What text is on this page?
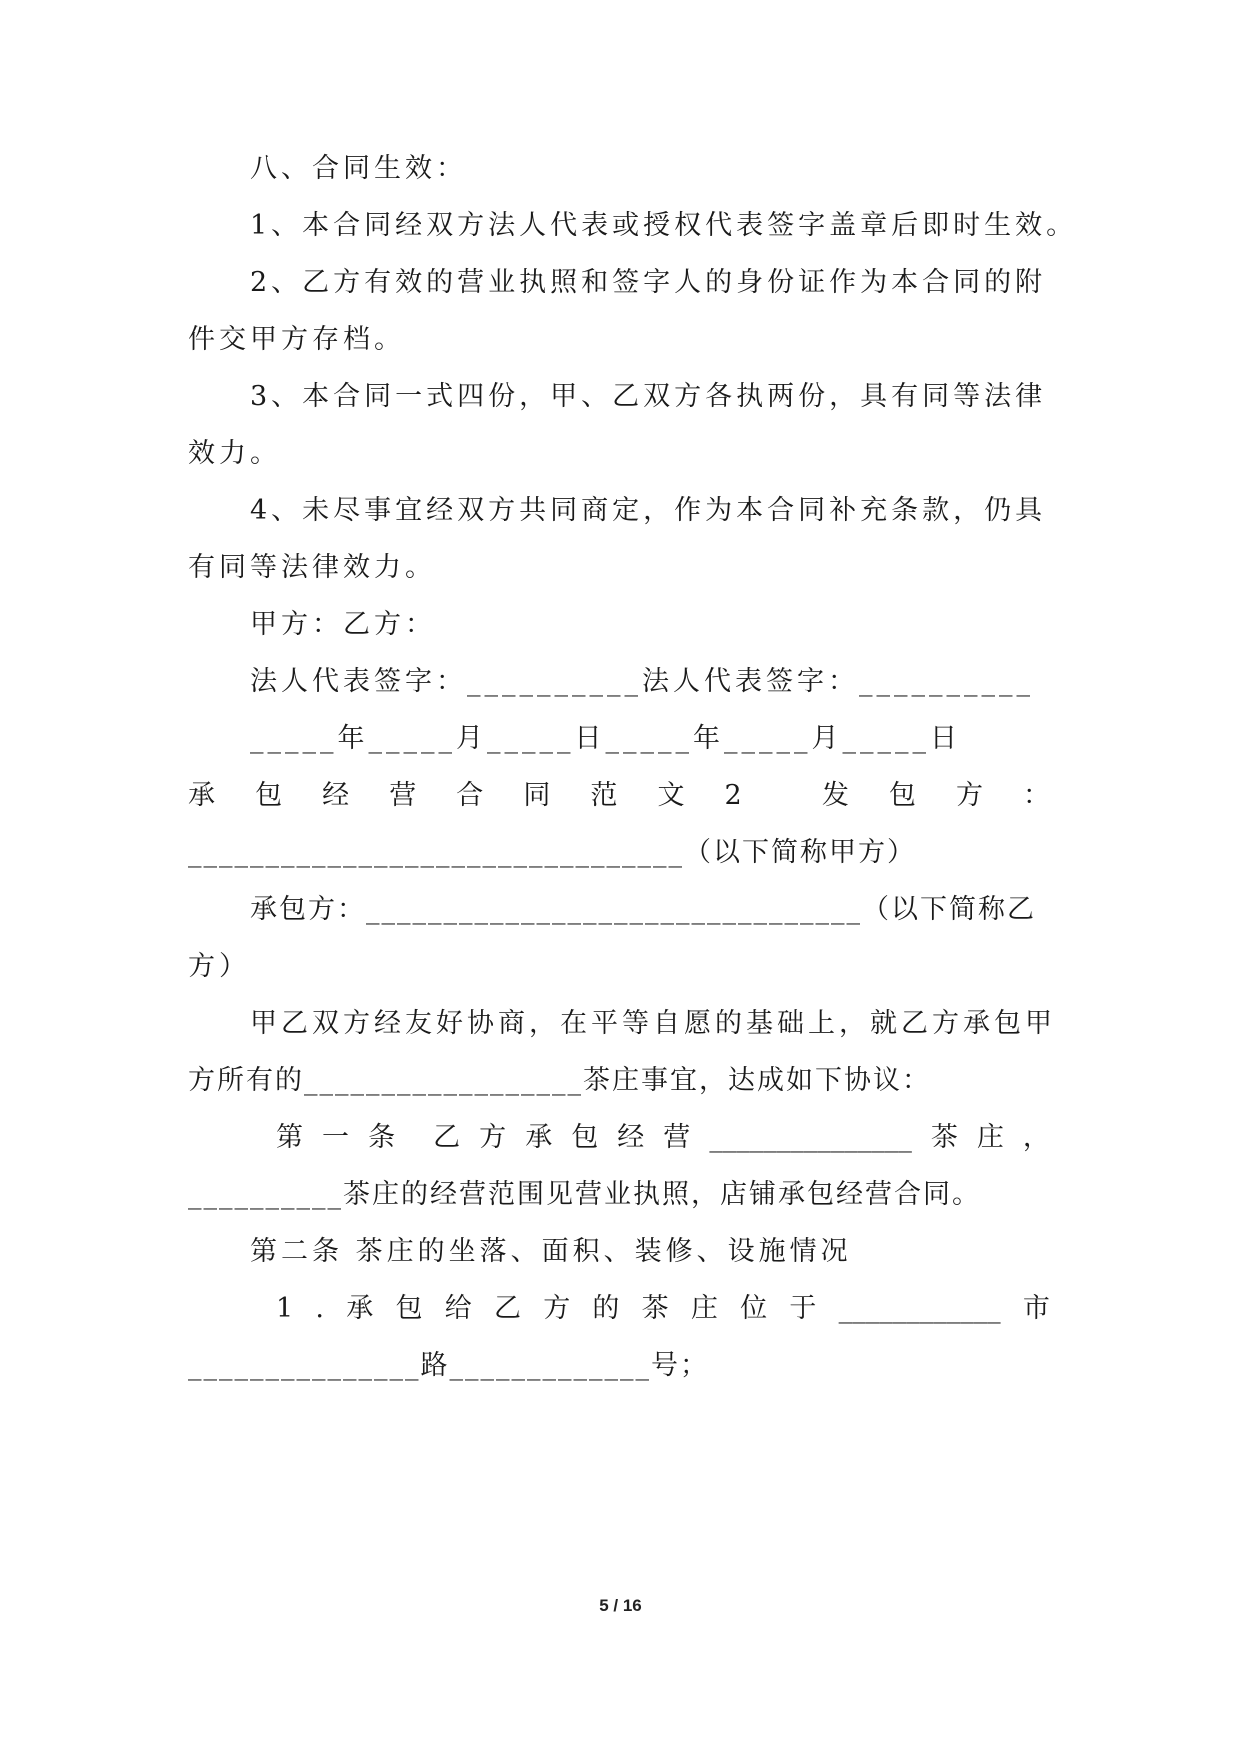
八、合同生效：
1、本合同经双方法人代表或授权代表签字盖章后即时生效。
2、乙方有效的营业执照和签字人的身份证作为本合同的附
件交甲方存档。
3、本合同一式四份，甲、乙双方各执两份，具有同等法律
效力。
4、未尽事宜经双方共同商定，作为本合同补充条款，仍具
有同等法律效力。
甲方：乙方：
法人代表签字：__________法人代表签字：__________
_____年_____月_____日_____年_____月_____日
承 包 经 营 合 同 范 文 2	发 包 方 ：
________________________________（以下简称甲方）
承包方：________________________________（以下简称乙
方）
甲乙双方经友好协商，在平等自愿的基础上，就乙方承包甲
方所有的__________________茶庄事宜，达成如下协议：
第 一 条 乙 方 承 包 经 营 _______________ 茶 庄 ，
__________茶庄的经营范围见营业执照，店铺承包经营合同。
第二条 茶庄的坐落、面积、装修、设施情况
1 . 承 包 给 乙 方 的 茶 庄 位 于 ____________ 市
_______________路_____________号；
5 / 16
